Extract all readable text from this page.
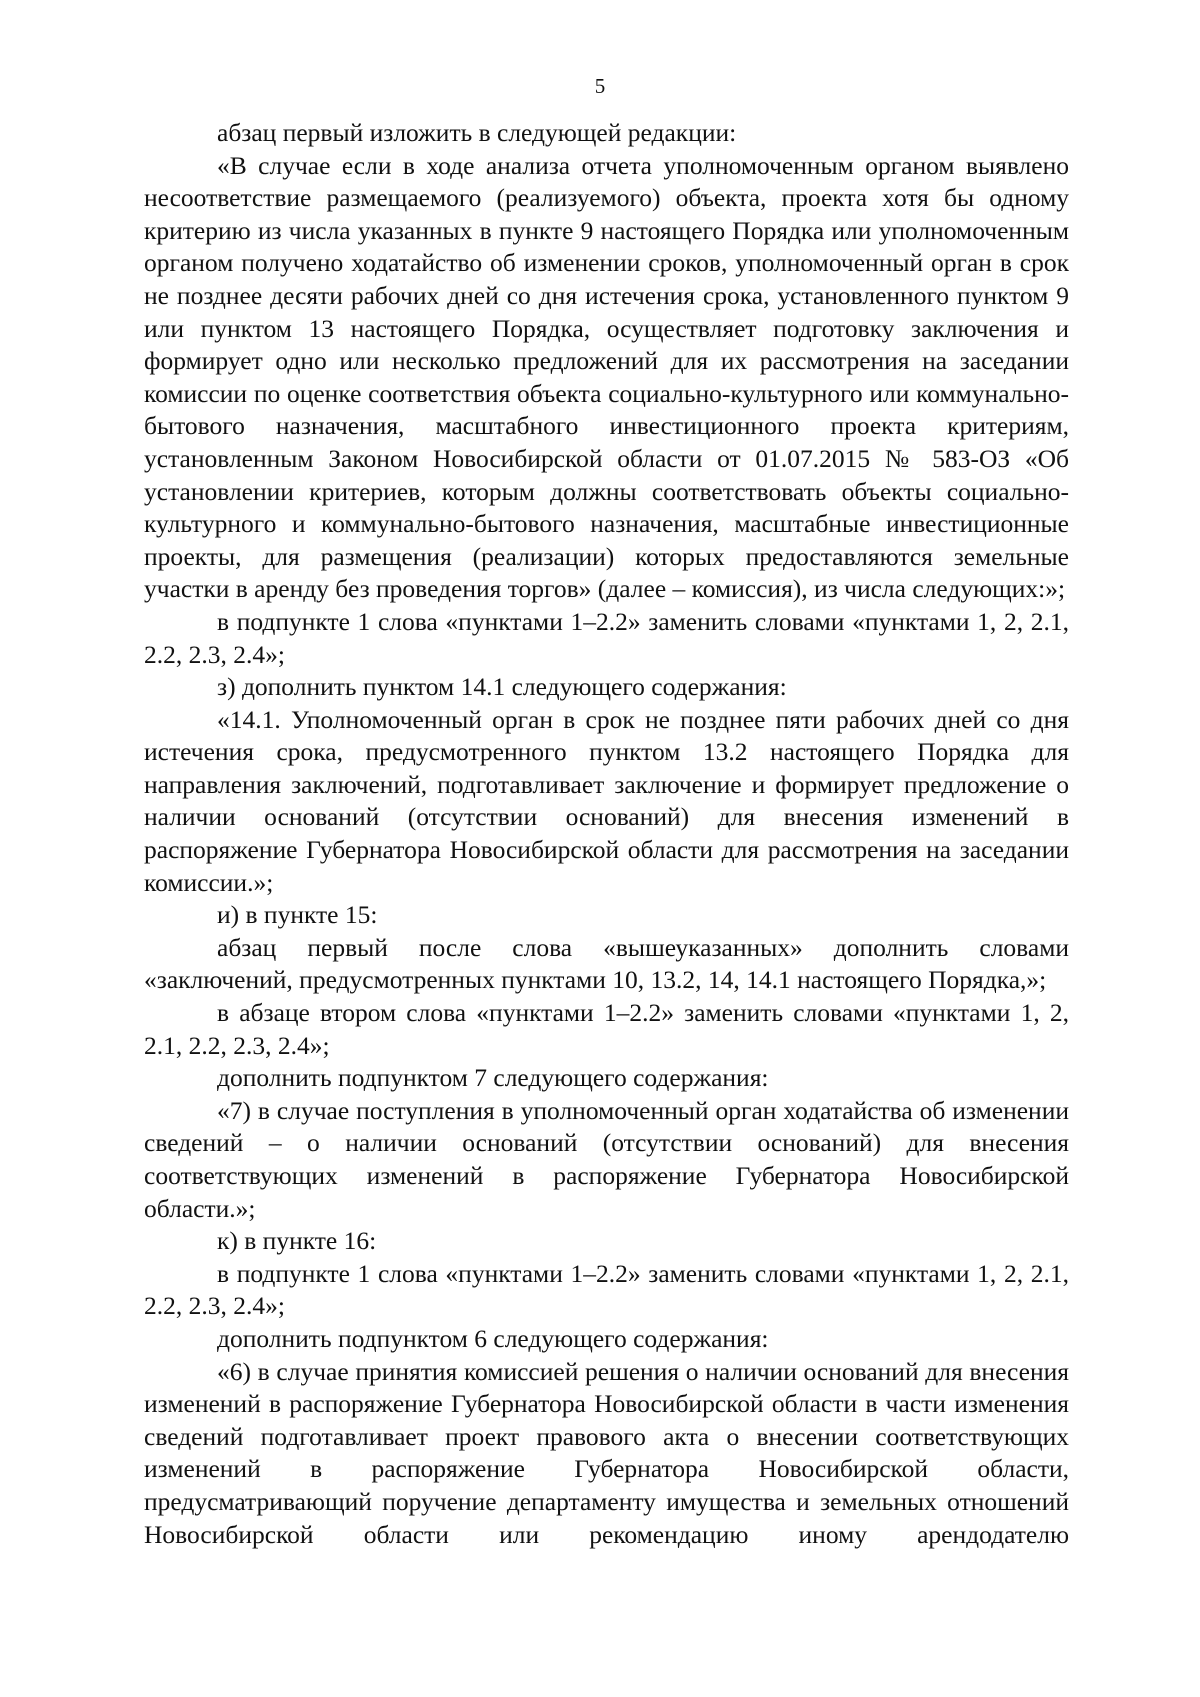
5

абзац первый изложить в следующей редакции:

«В случае если в ходе анализа отчета уполномоченным органом выявлено несоответствие размещаемого (реализуемого) объекта, проекта хотя бы одному критерию из числа указанных в пункте 9 настоящего Порядка или уполномоченным органом получено ходатайство об изменении сроков, уполномоченный орган в срок не позднее десяти рабочих дней со дня истечения срока, установленного пунктом 9 или пунктом 13 настоящего Порядка, осуществляет подготовку заключения и формирует одно или несколько предложений для их рассмотрения на заседании комиссии по оценке соответствия объекта социально-культурного или коммунально-бытового назначения, масштабного инвестиционного проекта критериям, установленным Законом Новосибирской области от 01.07.2015 № 583-ОЗ «Об установлении критериев, которым должны соответствовать объекты социально-культурного и коммунально-бытового назначения, масштабные инвестиционные проекты, для размещения (реализации) которых предоставляются земельные участки в аренду без проведения торгов» (далее – комиссия), из числа следующих:»;

в подпункте 1 слова «пунктами 1–2.2» заменить словами «пунктами 1, 2, 2.1, 2.2, 2.3, 2.4»;

з) дополнить пунктом 14.1 следующего содержания:

«14.1. Уполномоченный орган в срок не позднее пяти рабочих дней со дня истечения срока, предусмотренного пунктом 13.2 настоящего Порядка для направления заключений, подготавливает заключение и формирует предложение о наличии оснований (отсутствии оснований) для внесения изменений в распоряжение Губернатора Новосибирской области для рассмотрения на заседании комиссии.»;

и) в пункте 15:

абзац первый после слова «вышеуказанных» дополнить словами «заключений, предусмотренных пунктами 10, 13.2, 14, 14.1 настоящего Порядка,»;

в абзаце втором слова «пунктами 1–2.2» заменить словами «пунктами 1, 2, 2.1, 2.2, 2.3, 2.4»;

дополнить подпунктом 7 следующего содержания:

«7) в случае поступления в уполномоченный орган ходатайства об изменении сведений – о наличии оснований (отсутствии оснований) для внесения соответствующих изменений в распоряжение Губернатора Новосибирской области.»;

к) в пункте 16:

в подпункте 1 слова «пунктами 1–2.2» заменить словами «пунктами 1, 2, 2.1, 2.2, 2.3, 2.4»;

дополнить подпунктом 6 следующего содержания:

«6) в случае принятия комиссией решения о наличии оснований для внесения изменений в распоряжение Губернатора Новосибирской области в части изменения сведений подготавливает проект правового акта о внесении соответствующих изменений в распоряжение Губернатора Новосибирской области, предусматривающий поручение департаменту имущества и земельных отношений Новосибирской области или рекомендацию иному арендодателю
